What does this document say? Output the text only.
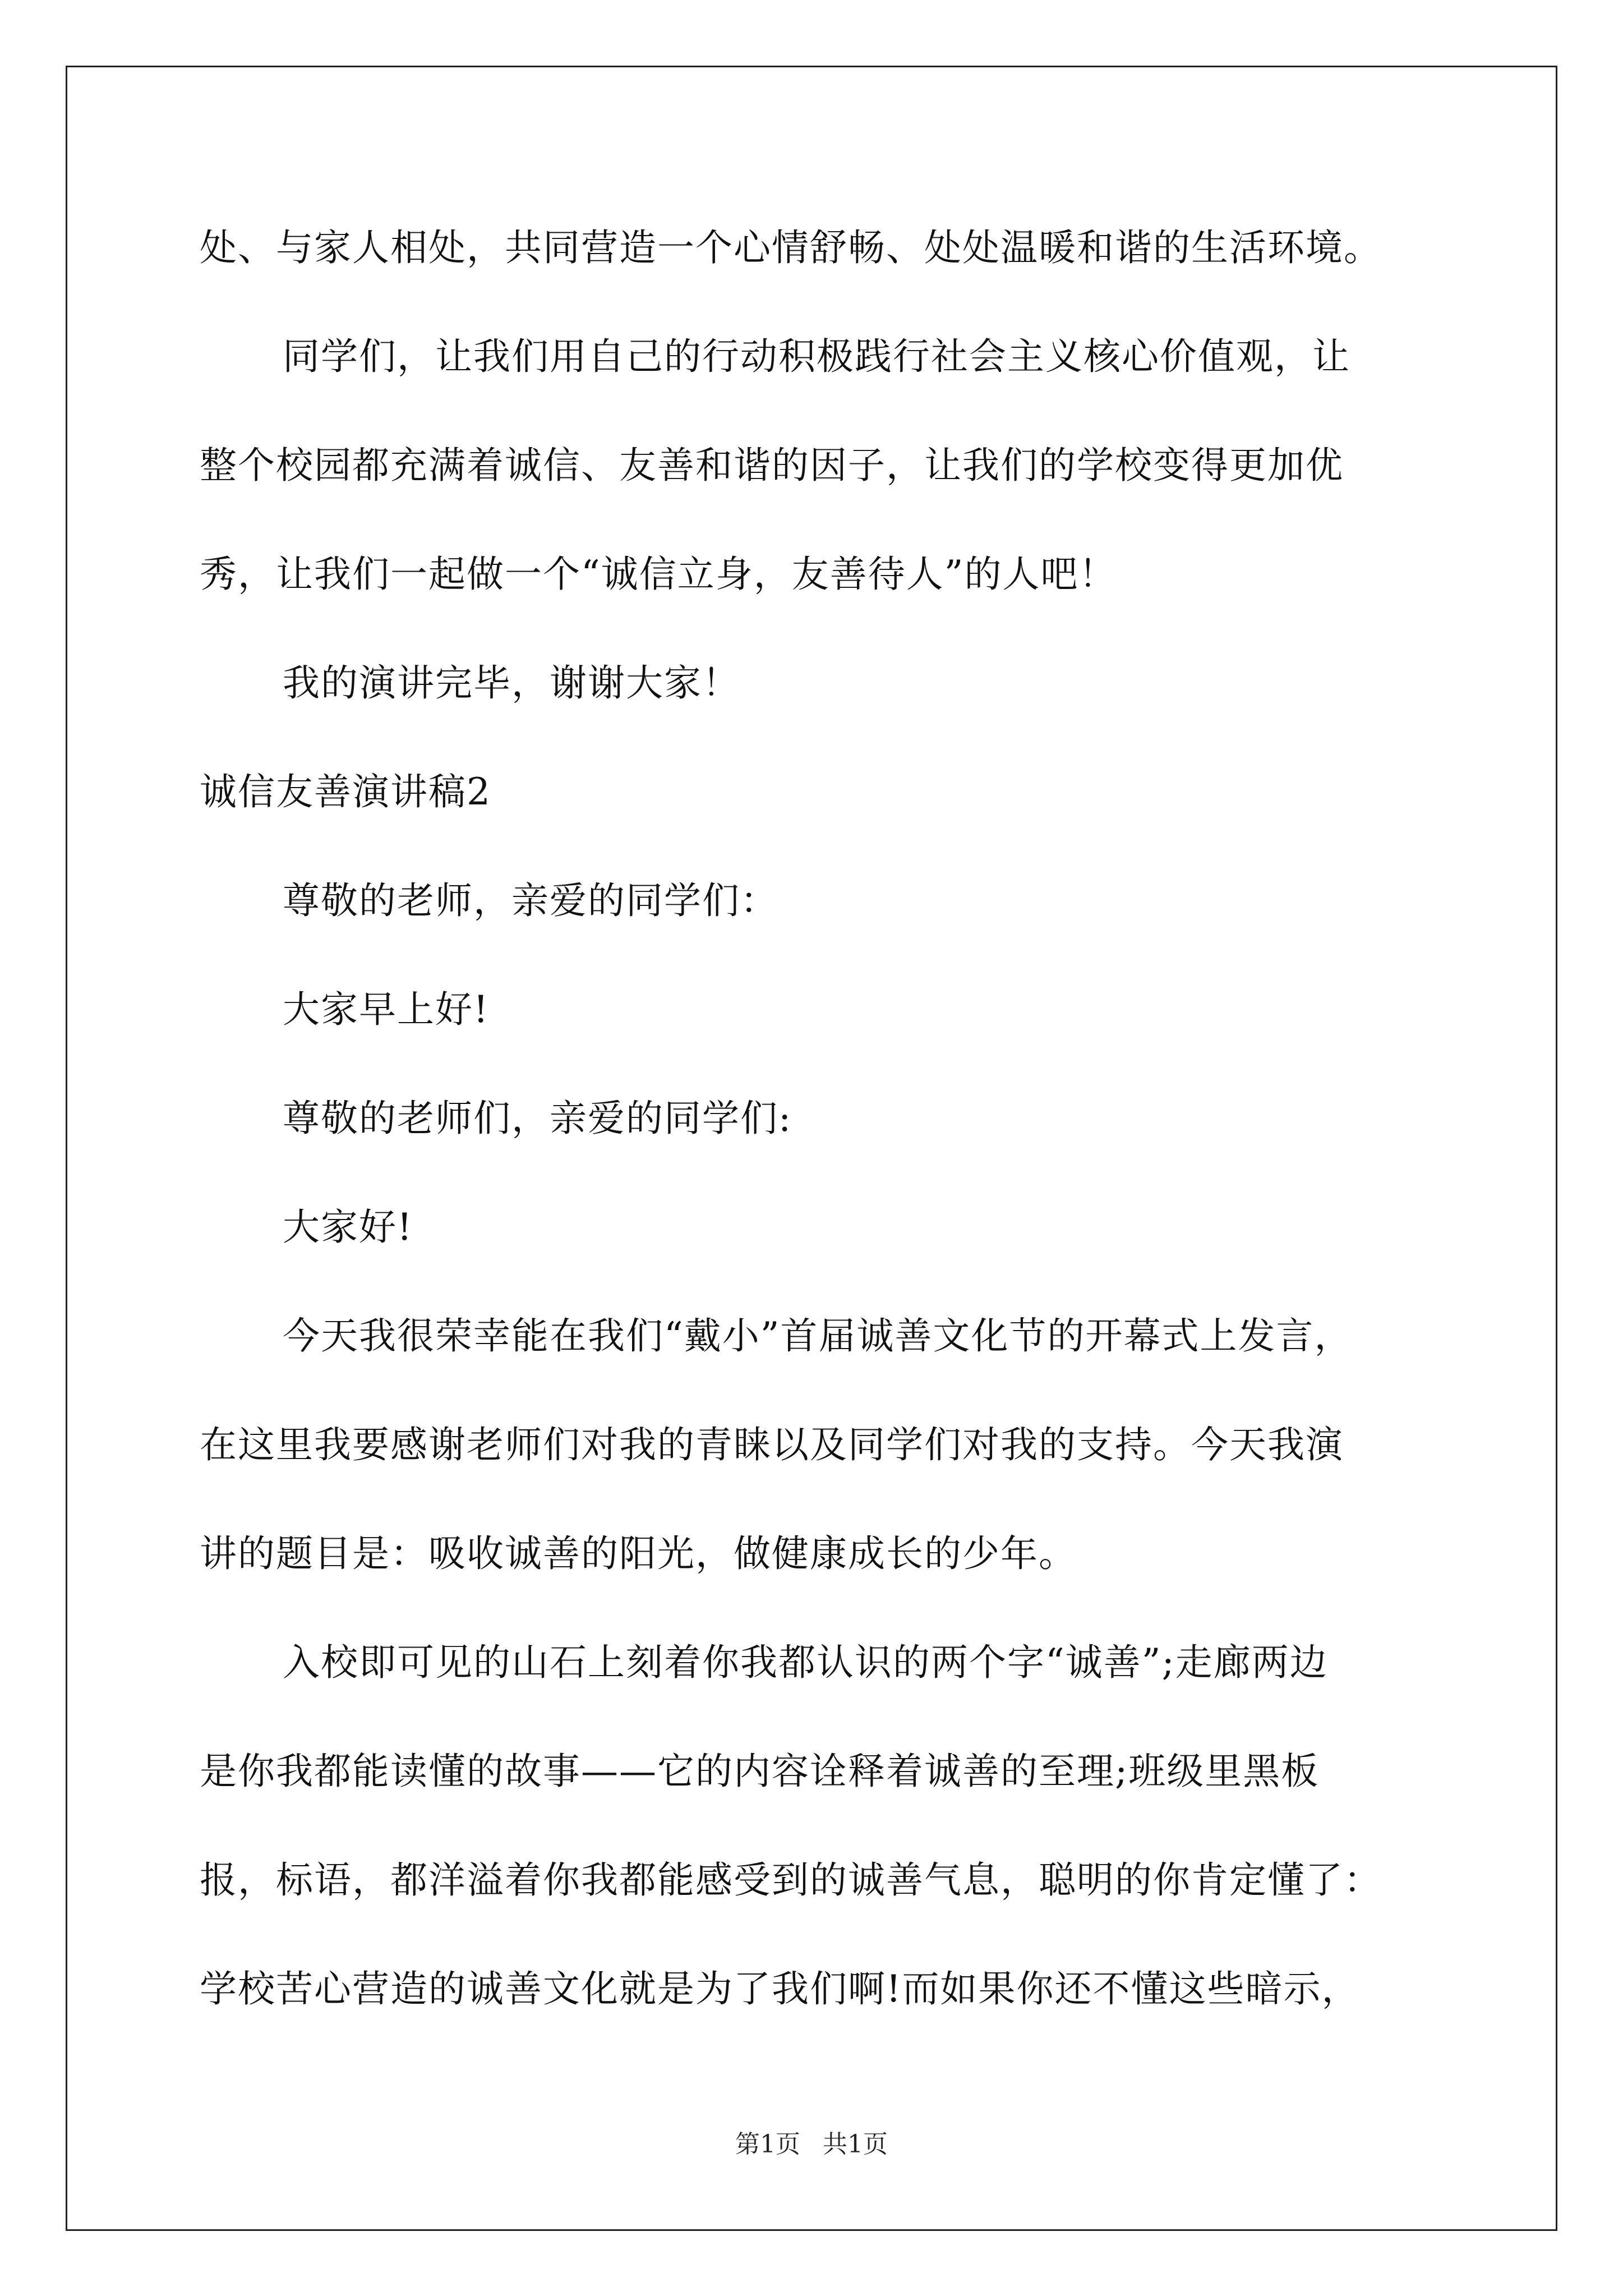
处、与家人相处，共同营造一个心情舒畅、处处温暖和谐的生活环境。
同学们，让我们用自己的行动积极践行社会主义核心价值观，让
整个校园都充满着诚信、友善和谐的因子，让我们的学校变得更加优
秀，让我们一起做一个“诚信立身，友善待人”的人吧！
我的演讲完毕，谢谢大家！
诚信友善演讲稿2
尊敬的老师，亲爱的同学们：
大家早上好!
尊敬的老师们，亲爱的同学们:
大家好!
今天我很荣幸能在我们“戴小”首届诚善文化节的开幕式上发言，
在这里我要感谢老师们对我的青睐以及同学们对我的支持。今天我演
讲的题目是：吸收诚善的阳光，做健康成长的少年。
入校即可见的山石上刻着你我都认识的两个字“诚善”;走廊两边
是你我都能读懂的故事——它的内容诠释着诚善的至理;班级里黑板
报，标语，都洋溢着你我都能感受到的诚善气息，聪明的你肯定懂了：
学校苦心营造的诚善文化就是为了我们啊!而如果你还不懂这些暗示，
第1页 共1页
